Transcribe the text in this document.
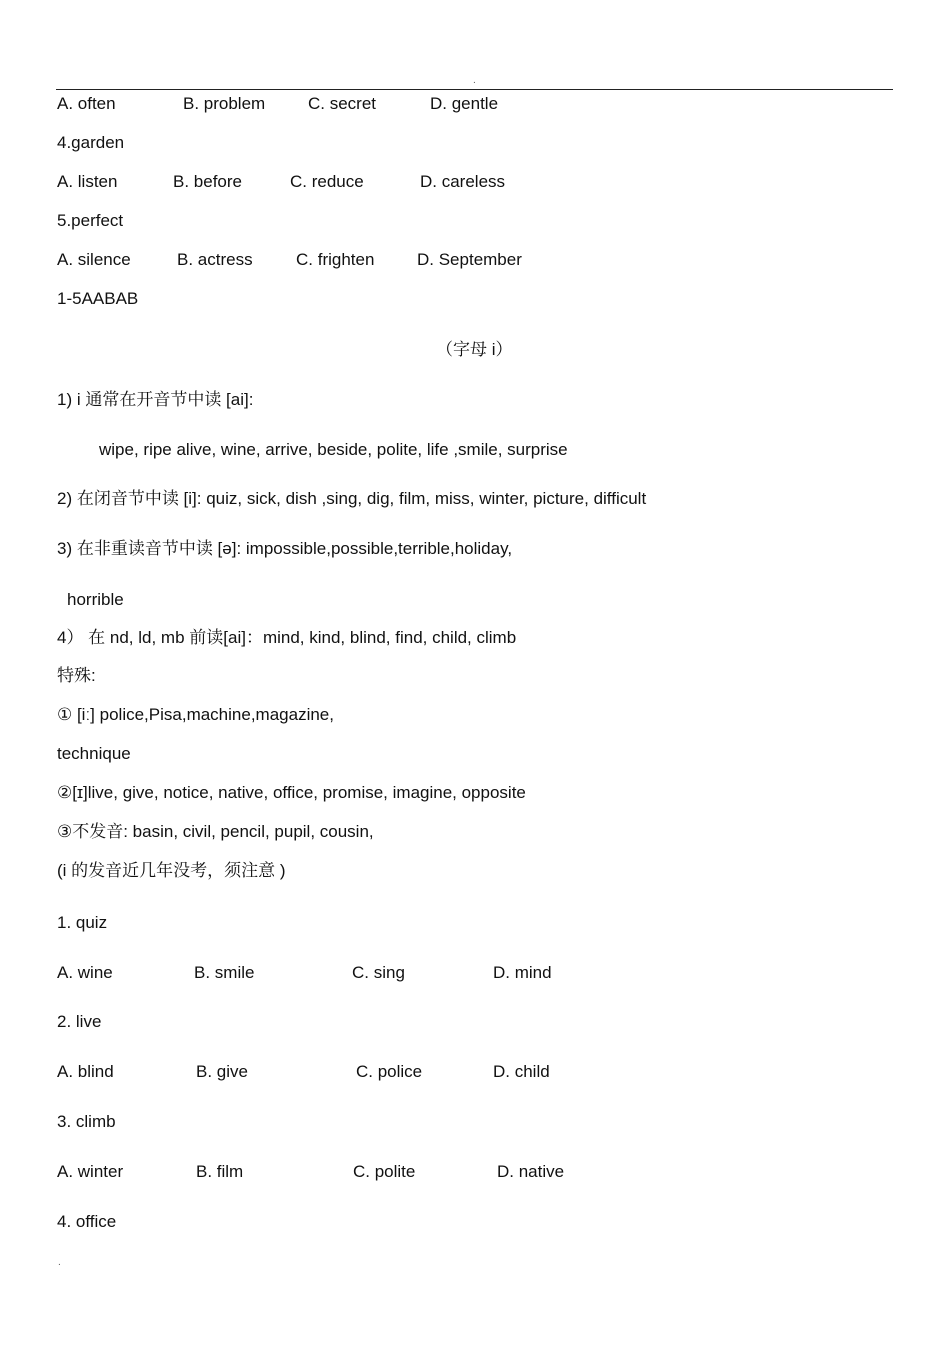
.
A. often	B. problem	C. secret	D. gentle
4.garden
A. listen	B. before	C. reduce	D. careless
5.perfect
A. silence	B. actress	C. frighten	D. September
1-5AABAB
（字母 i）
1) i 通常在开音节中读 [ai]:
wipe, ripe alive, wine, arrive, beside, polite, life ,smile, surprise
2) 在闭音节中读 [i]: quiz, sick, dish ,sing, dig, film, miss, winter, picture, difficult
3) 在非重读音节中读 [ə]: impossible,possible,terrible,holiday,
horrible
4） 在 nd, ld, mb 前读[ai]：mind, kind, blind, find, child, climb
特殊:
① [iː] police,Pisa,machine,magazine,
technique
②[ɪ]live, give, notice, native, office, promise, imagine, opposite
③不发音: basin, civil, pencil, pupil, cousin,
(i 的发音近几年没考，须注意 )
1. quiz
A. wine	B. smile	C. sing	D. mind
2. live
A. blind	B. give	C. police	D. child
3. climb
A. winter	B. film	C. polite	D. native
4. office
.
